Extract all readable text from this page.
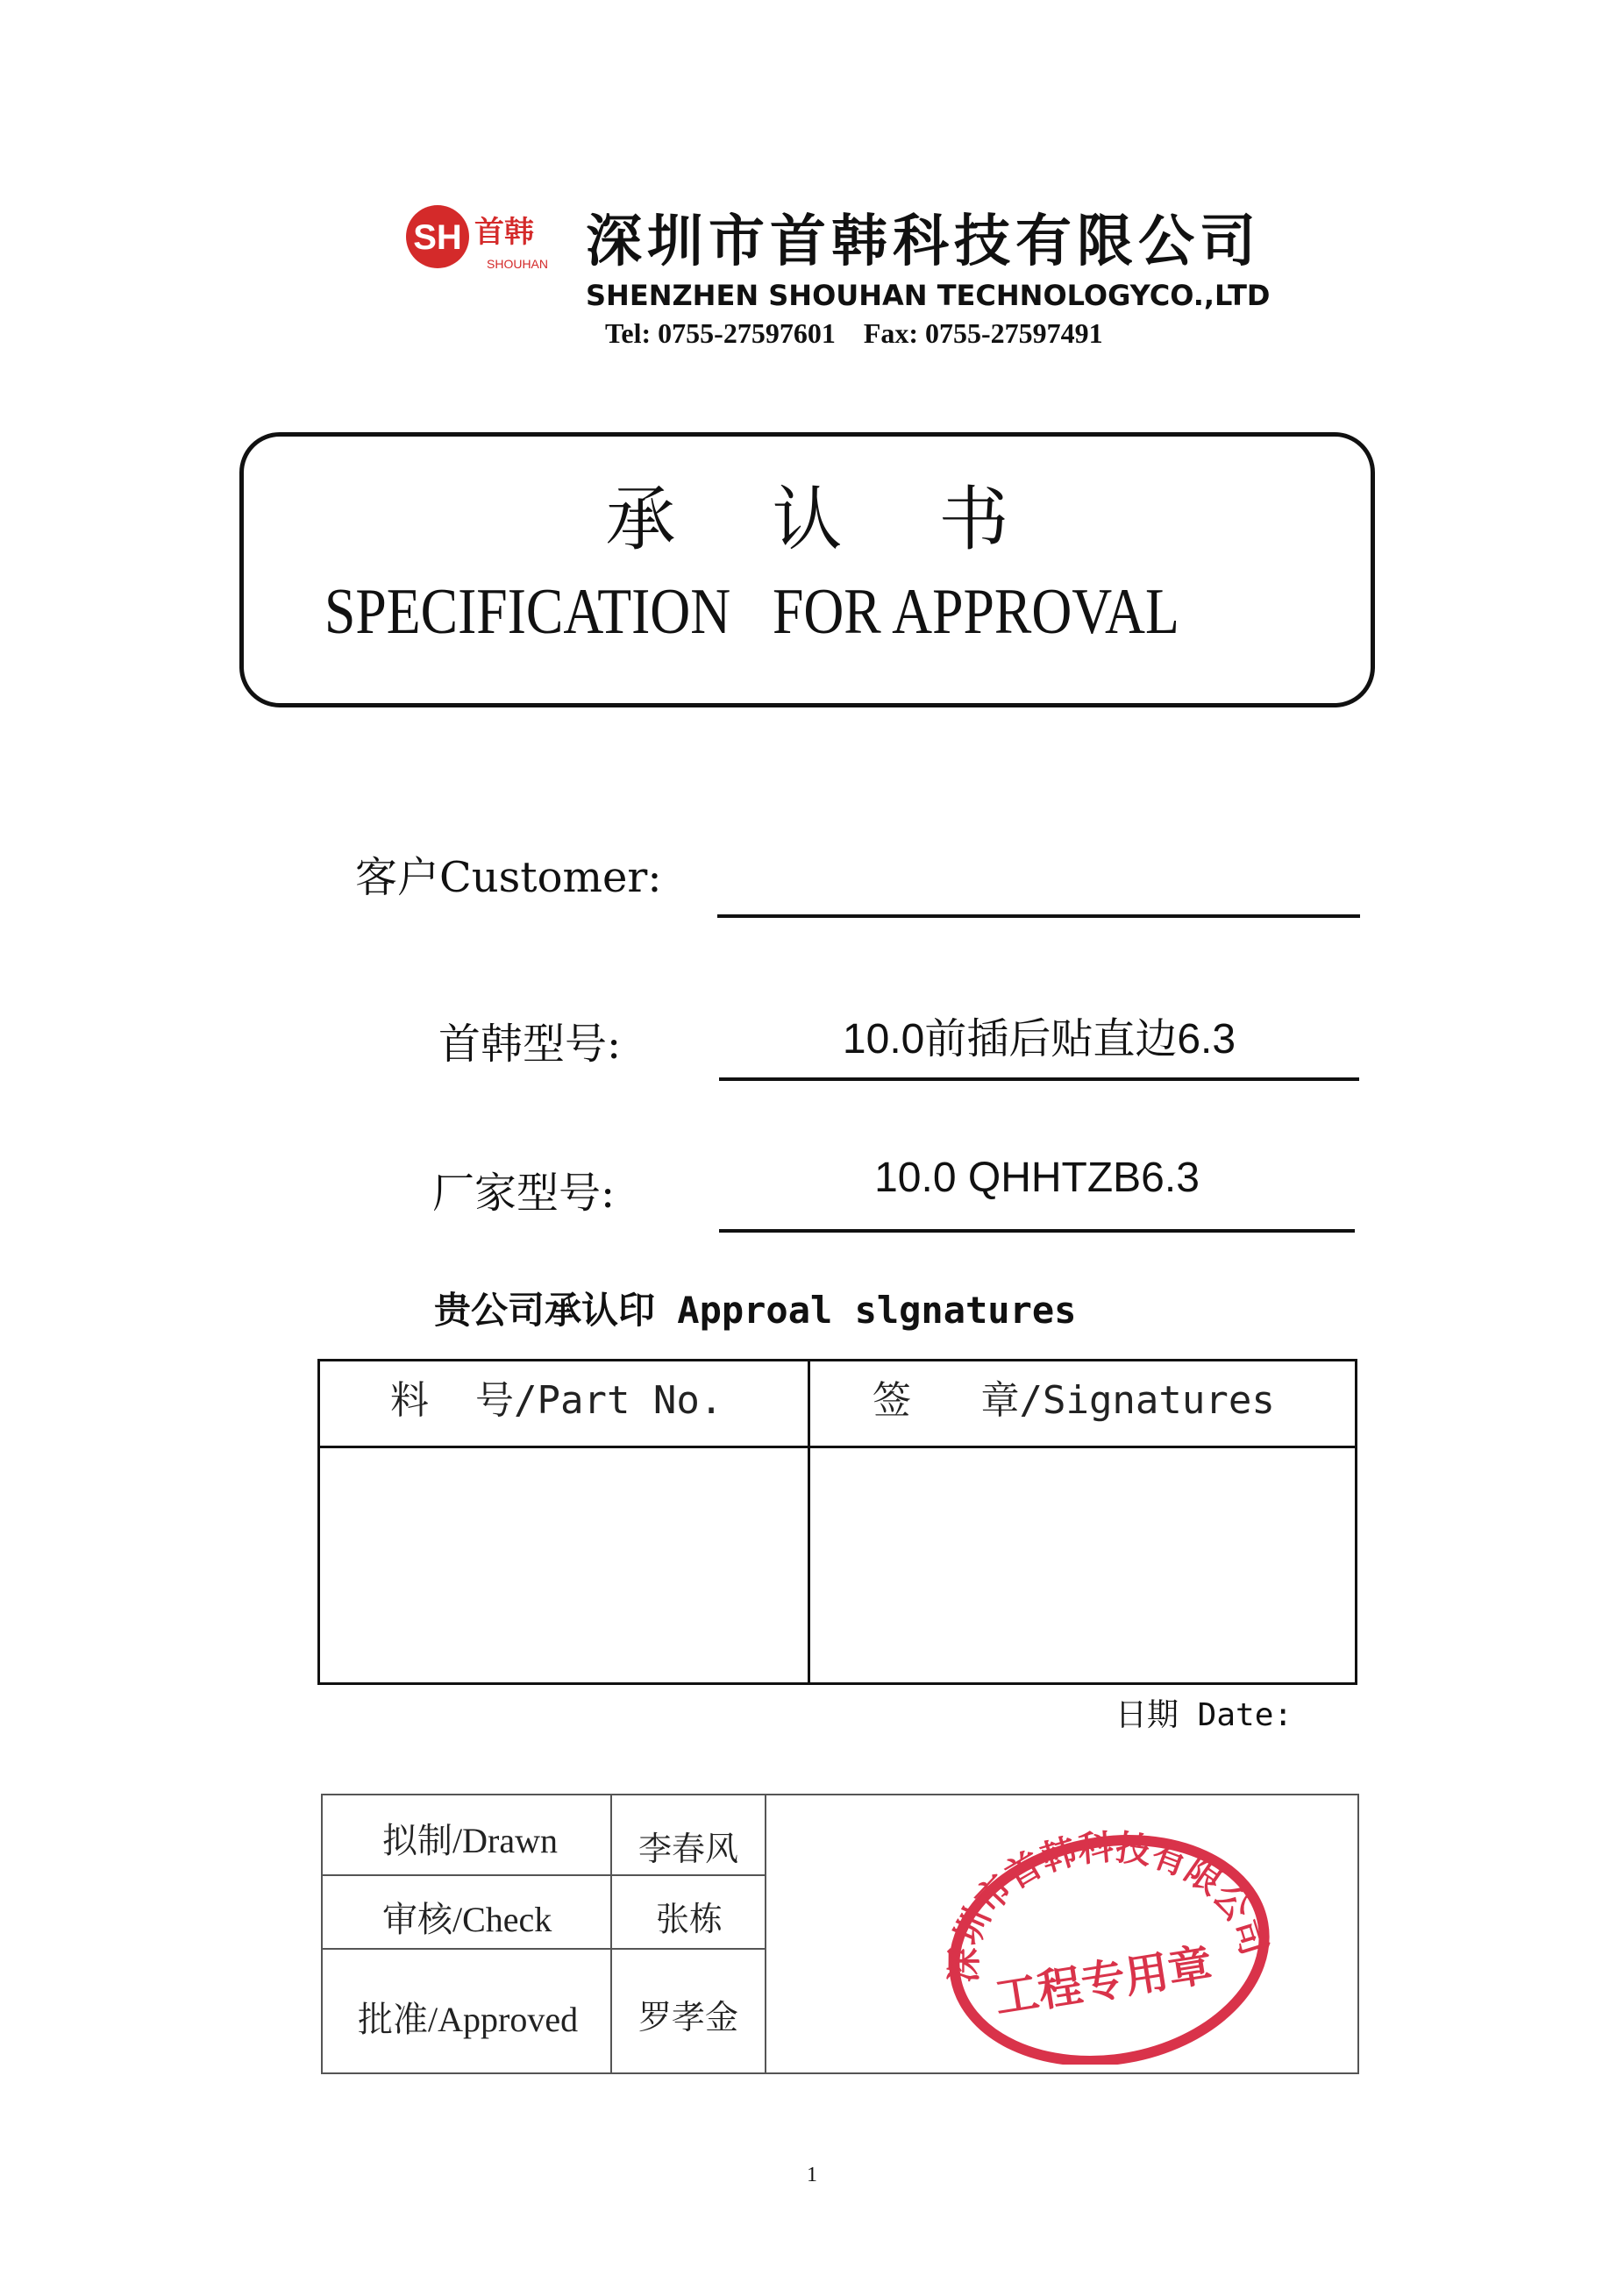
SH 首韩
SHOUHAN 深圳市首韩科技有限公司
SHENZHEN SHOUHAN TECHNOLOGYCO.,LTD
Tel: 0755-27597601    Fax: 0755-27597491
承认书
SPECIFICATION   FOR APPROVAL
客户Customer:
首韩型号:	10.0前插后贴直边6.3
厂家型号:	10.0 QHHTZB6.3
贵公司承认印 Approal slgnatures
料  号/Part No.	签   章/Signatures
日期 Date:
拟制/Drawn 李春风
审核/Check	张栋
批准/Approved 罗孝金
深圳市首韩科技有限公司
工程专用章
1
